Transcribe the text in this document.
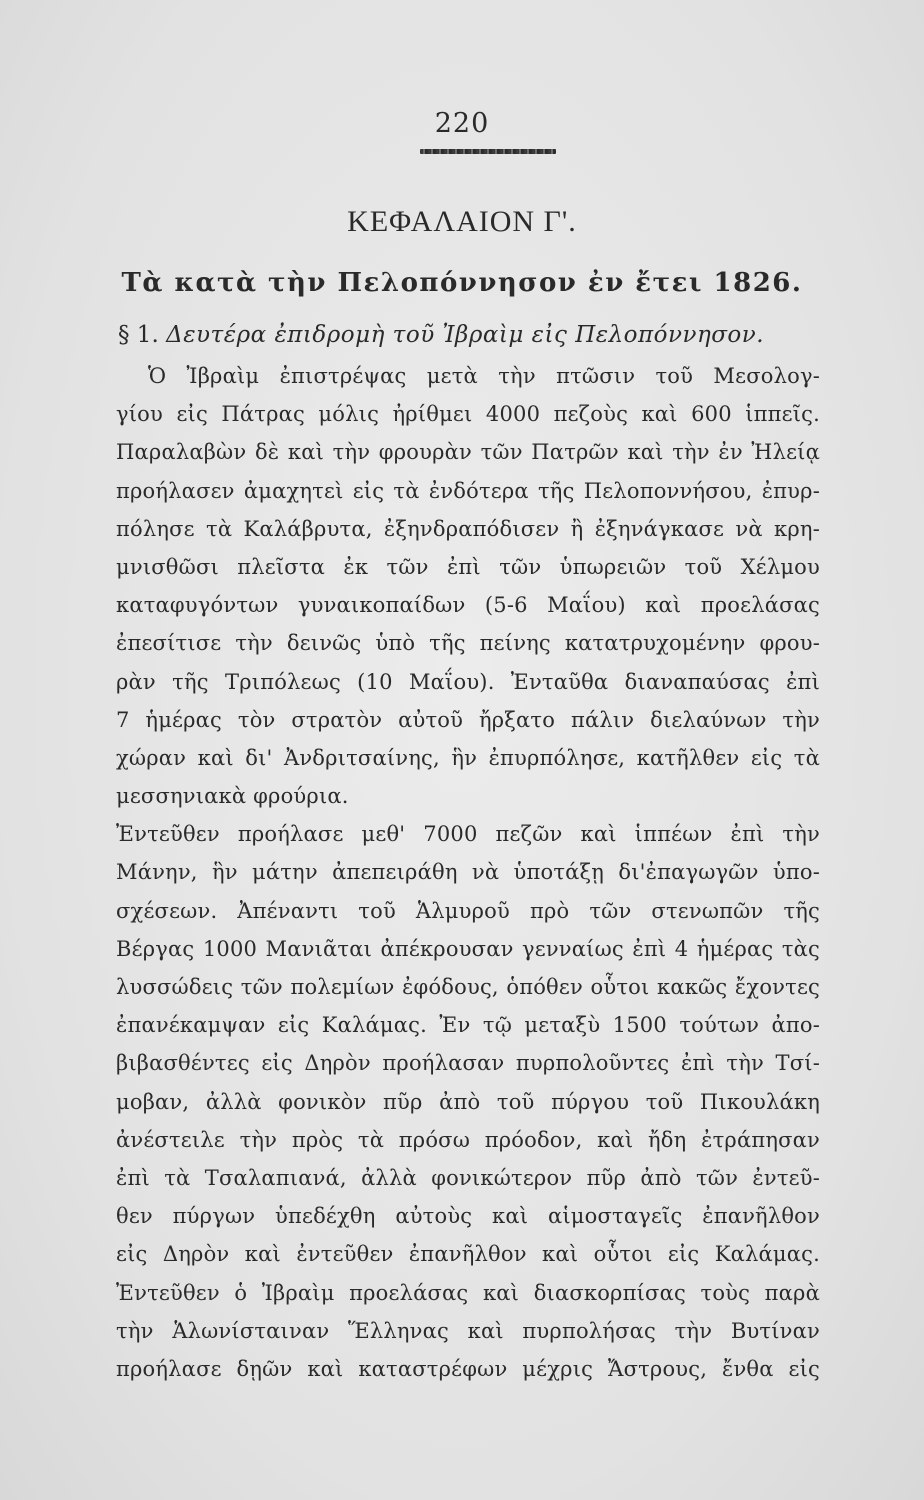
220
ΚΕΦΑΛΑΙΟΝ Γ'.
Τὰ κατὰ τὴν Πελοπόννησον ἐν ἔτει 1826.
§ 1. Δευτέρα ἐπιδρομὴ τοῦ Ἰβραὶμ εἰς Πελοπόννησον.
Ὁ Ἰβραὶμ ἐπιστρέψας μετὰ τὴν πτῶσιν τοῦ Μεσολογ-
γίου εἰς Πάτρας μόλις ἠρίθμει 4000 πεζοὺς καὶ 600 ἱππεῖς.
Παραλαβὼν δὲ καὶ τὴν φρουρὰν τῶν Πατρῶν καὶ τὴν ἐν Ἠλείᾳ
προήλασεν ἀμαχητεὶ εἰς τὰ ἐνδότερα τῆς Πελοποννήσου, ἐπυρ-
πόλησε τὰ Καλάβρυτα, ἐξηνδραπόδισεν ἢ ἐξηνάγκασε νὰ κρη-
μνισθῶσι πλεῖστα ἐκ τῶν ἐπὶ τῶν ὑπωρειῶν τοῦ Χέλμου
καταφυγόντων γυναικοπαίδων (5-6 Μαΐου) καὶ προελάσας
ἐπεσίτισε τὴν δεινῶς ὑπὸ τῆς πείνης κατατρυχομένην φρου-
ρὰν τῆς Τριπόλεως (10 Μαΐου). Ἐνταῦθα διαναπαύσας ἐπὶ
7 ἡμέρας τὸν στρατὸν αὐτοῦ ἤρξατο πάλιν διελαύνων τὴν
χώραν καὶ δι' Ἀνδριτσαίνης, ἣν ἐπυρπόλησε, κατῆλθεν εἰς τὰ
μεσσηνιακὰ φρούρια.
Ἐντεῦθεν προήλασε μεθ' 7000 πεζῶν καὶ ἱππέων ἐπὶ τὴν
Μάνην, ἣν μάτην ἀπεπειράθη νὰ ὑποτάξῃ δι'ἐπαγωγῶν ὑπο-
σχέσεων. Ἀπέναντι τοῦ Ἁλμυροῦ πρὸ τῶν στενωπῶν τῆς
Βέργας 1000 Μανιᾶται ἀπέκρουσαν γενναίως ἐπὶ 4 ἡμέρας τὰς
λυσσώδεις τῶν πολεμίων ἐφόδους, ὁπόθεν οὗτοι κακῶς ἔχοντες
ἐπανέκαμψαν εἰς Καλάμας. Ἐν τῷ μεταξὺ 1500 τούτων ἀπο-
βιβασθέντες εἰς Δηρὸν προήλασαν πυρπολοῦντες ἐπὶ τὴν Τσί-
μοβαν, ἀλλὰ φονικὸν πῦρ ἀπὸ τοῦ πύργου τοῦ Πικουλάκη
ἀνέστειλε τὴν πρὸς τὰ πρόσω πρόοδον, καὶ ἤδη ἐτράπησαν
ἐπὶ τὰ Τσαλαπιανά, ἀλλὰ φονικώτερον πῦρ ἀπὸ τῶν ἐντεῦ-
θεν πύργων ὑπεδέχθη αὐτοὺς καὶ αἱμοσταγεῖς ἐπανῆλθον
εἰς Δηρὸν καὶ ἐντεῦθεν ἐπανῆλθον καὶ οὗτοι εἰς Καλάμας.
Ἐντεῦθεν ὁ Ἰβραὶμ προελάσας καὶ διασκορπίσας τοὺς παρὰ
τὴν Ἁλωνίσταιναν Ἕλληνας καὶ πυρπολήσας τὴν Βυτίναν
προήλασε δῃῶν καὶ καταστρέφων μέχρις Ἄστρους, ἔνθα εἰς
